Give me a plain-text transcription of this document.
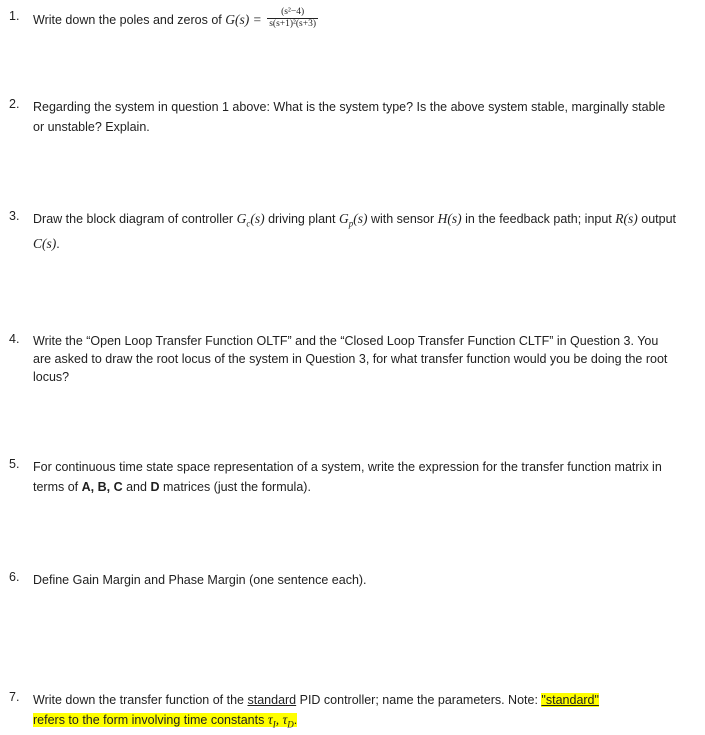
1. Write down the poles and zeros of $G(s) = \frac{\text{(s²−4)}}{\text{s(s+1)²(s+3)}}$
2. Regarding the system in question 1 above: What is the system type? Is the above system stable, marginally stable or unstable? Explain.
3. Draw the block diagram of controller $G_c(s)$ driving plant $G_p(s)$ with sensor H(s) in the feedback path; input R(s) output C(s).
4. Write the “Open Loop Transfer Function OLTF” and the “Closed Loop Transfer Function CLTF” in Question 3. You are asked to draw the root locus of the system in Question 3, for what transfer function would you be doing the root locus?
5. For continuous time state space representation of a system, write the expression for the transfer function matrix in terms of A, B, C and D matrices (just the formula).
6. Define Gain Margin and Phase Margin (one sentence each).
7. Write down the transfer function of the standard PID controller; name the parameters. Note: "standard"
refers to the form involving time constants $\tau_I$, $\tau_D$.
